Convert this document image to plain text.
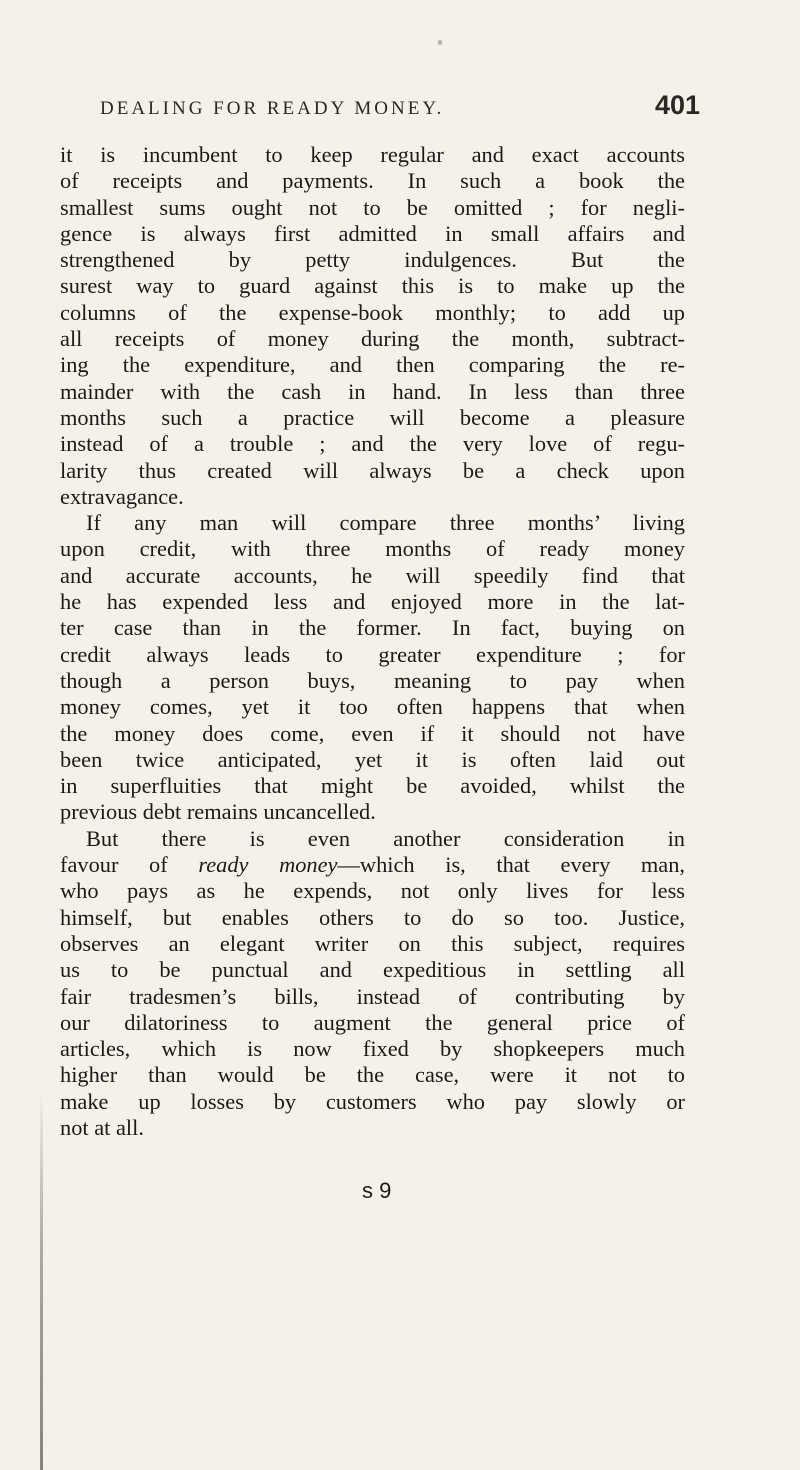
DEALING FOR READY MONEY.	401
it is incumbent to keep regular and exact accounts
of receipts and payments. In such a book the
smallest sums ought not to be omitted ; for negli-
gence is always first admitted in small affairs and
strengthened by petty indulgences. But the
surest way to guard against this is to make up the
columns of the expense-book monthly; to add up
all receipts of money during the month, subtract-
ing the expenditure, and then comparing the re-
mainder with the cash in hand. In less than three
months such a practice will become a pleasure
instead of a trouble ; and the very love of regu-
larity thus created will always be a check upon
extravagance.
If any man will compare three months’ living
upon credit, with three months of ready money
and accurate accounts, he will speedily find that
he has expended less and enjoyed more in the lat-
ter case than in the former. In fact, buying on
credit always leads to greater expenditure ; for
though a person buys, meaning to pay when
money comes, yet it too often happens that when
the money does come, even if it should not have
been twice anticipated, yet it is often laid out
in superfluities that might be avoided, whilst the
previous debt remains uncancelled.
But there is even another consideration in
favour of ready money—which is, that every man,
who pays as he expends, not only lives for less
himself, but enables others to do so too. Justice,
observes an elegant writer on this subject, requires
us to be punctual and expeditious in settling all
fair tradesmen’s bills, instead of contributing by
our dilatoriness to augment the general price of
articles, which is now fixed by shopkeepers much
higher than would be the case, were it not to
make up losses by customers who pay slowly or
not at all.
s 9
